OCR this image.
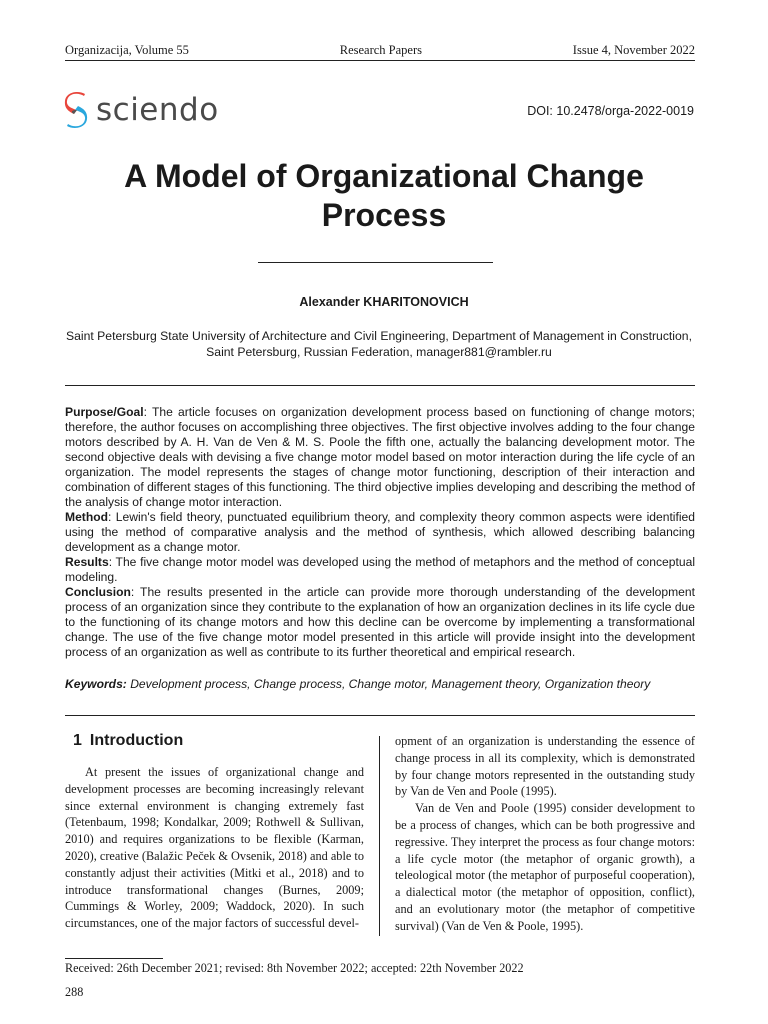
Organizacija, Volume 55	Research Papers	Issue 4, November 2022
sciendo	DOI: 10.2478/orga-2022-0019
A Model of Organizational Change Process
Alexander KHARITONOVICH
Saint Petersburg State University of Architecture and Civil Engineering, Department of Management in Construction,
Saint Petersburg, Russian Federation, manager881@rambler.ru

Purpose/Goal: The article focuses on organization development process based on functioning of change motors; therefore, the author focuses on accomplishing three objectives. The first objective involves adding to the four change motors described by A. H. Van de Ven & M. S. Poole the fifth one, actually the balancing development motor. The second objective deals with devising a five change motor model based on motor interaction during the life cycle of an organization. The model represents the stages of change motor functioning, description of their interaction and combination of different stages of this functioning. The third objective implies developing and describing the method of the analysis of change motor interaction.

Method: Lewin's field theory, punctuated equilibrium theory, and complexity theory common aspects were identified using the method of comparative analysis and the method of synthesis, which allowed describing balancing development as a change motor.

Results: The five change motor model was developed using the method of metaphors and the method of conceptual modeling.

Conclusion: The results presented in the article can provide more thorough understanding of the development process of an organization since they contribute to the explanation of how an organization declines in its life cycle due to the functioning of its change motors and how this decline can be overcome by implementing a transformational change. The use of the five change motor model presented in this article will provide insight into the development process of an organization as well as contribute to its further theoretical and empirical research.

Keywords: Development process, Change process, Change motor, Management theory, Organization theory
1 Introduction

At present the issues of organizational change and development processes are becoming increasingly relevant since external environment is changing extremely fast (Tetenbaum, 1998; Kondalkar, 2009; Rothwell & Sullivan, 2010) and requires organizations to be flexible (Karman, 2020), creative (Balažic Peček & Ovsenik, 2018) and able to constantly adjust their activities (Mitki et al., 2018) and to introduce transformational changes (Burnes, 2009; Cummings & Worley, 2009; Waddock, 2020). In such circumstances, one of the major factors of successful devel-

opment of an organization is understanding the essence of change process in all its complexity, which is demonstrated by four change motors represented in the outstanding study by Van de Ven and Poole (1995).

Van de Ven and Poole (1995) consider development to be a process of changes, which can be both progressive and regressive. They interpret the process as four change motors: a life cycle motor (the metaphor of organic growth), a teleological motor (the metaphor of purposeful cooperation), a dialectical motor (the metaphor of opposition, conflict), and an evolutionary motor (the metaphor of competitive survival) (Van de Ven & Poole, 1995).

Received: 26th December 2021; revised: 8th November 2022; accepted: 22th November 2022
288
